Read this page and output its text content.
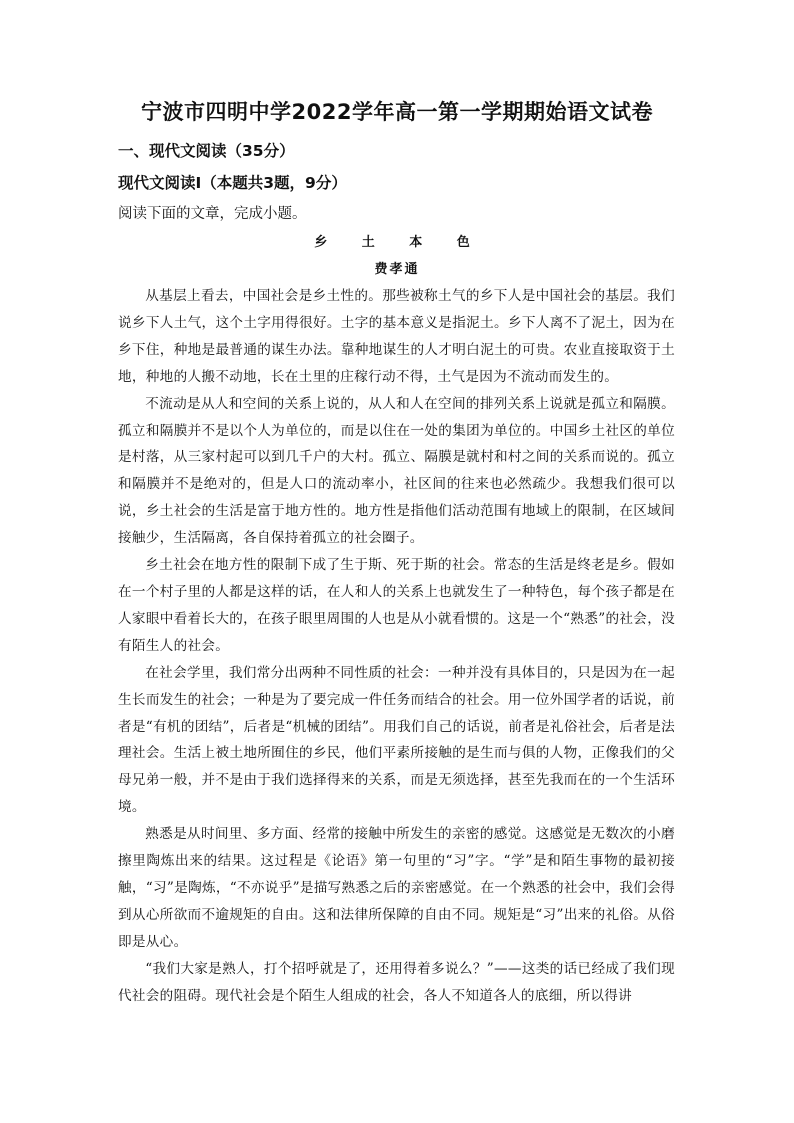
宁波市四明中学2022学年高一第一学期期始语文试卷
一、现代文阅读（35分）
现代文阅读Ⅰ（本题共3题，9分）

阅读下面的文章，完成小题。

乡 土 本 色
费孝通

从基层上看去，中国社会是乡土性的。那些被称土气的乡下人是中国社会的基层。我们说乡下人土气，这个土字用得很好。土字的基本意义是指泥土。乡下人离不了泥土，因为在乡下住，种地是最普通的谋生办法。靠种地谋生的人才明白泥土的可贵。农业直接取资于土地，种地的人搬不动地，长在土里的庄稼行动不得，土气是因为不流动而发生的。

不流动是从人和空间的关系上说的，从人和人在空间的排列关系上说就是孤立和隔膜。孤立和隔膜并不是以个人为单位的，而是以住在一处的集团为单位的。中国乡土社区的单位是村落，从三家村起可以到几千户的大村。孤立、隔膜是就村和村之间的关系而说的。孤立和隔膜并不是绝对的，但是人口的流动率小，社区间的往来也必然疏少。我想我们很可以说，乡土社会的生活是富于地方性的。地方性是指他们活动范围有地域上的限制，在区域间接触少，生活隔离，各自保持着孤立的社会圈子。

乡土社会在地方性的限制下成了生于斯、死于斯的社会。常态的生活是终老是乡。假如在一个村子里的人都是这样的话，在人和人的关系上也就发生了一种特色，每个孩子都是在人家眼中看着长大的，在孩子眼里周围的人也是从小就看惯的。这是一个“熟悉”的社会，没有陌生人的社会。

在社会学里，我们常分出两种不同性质的社会：一种并没有具体目的，只是因为在一起生长而发生的社会；一种是为了要完成一件任务而结合的社会。用一位外国学者的话说，前者是“有机的团结”，后者是“机械的团结”。用我们自己的话说，前者是礼俗社会，后者是法理社会。生活上被土地所囿住的乡民，他们平素所接触的是生而与俱的人物，正像我们的父母兄弟一般，并不是由于我们选择得来的关系，而是无须选择，甚至先我而在的一个生活环境。

熟悉是从时间里、多方面、经常的接触中所发生的亲密的感觉。这感觉是无数次的小磨擦里陶炼出来的结果。这过程是《论语》第一句里的“习”字。“学”是和陌生事物的最初接触，“习”是陶炼，“不亦说乎”是描写熟悉之后的亲密感觉。在一个熟悉的社会中，我们会得到从心所欲而不逾规矩的自由。这和法律所保障的自由不同。规矩是“习”出来的礼俗。从俗即是从心。

“我们大家是熟人，打个招呼就是了，还用得着多说么？”——这类的话已经成了我们现代社会的阻碍。现代社会是个陌生人组成的社会，各人不知道各人的底细，所以得讲
